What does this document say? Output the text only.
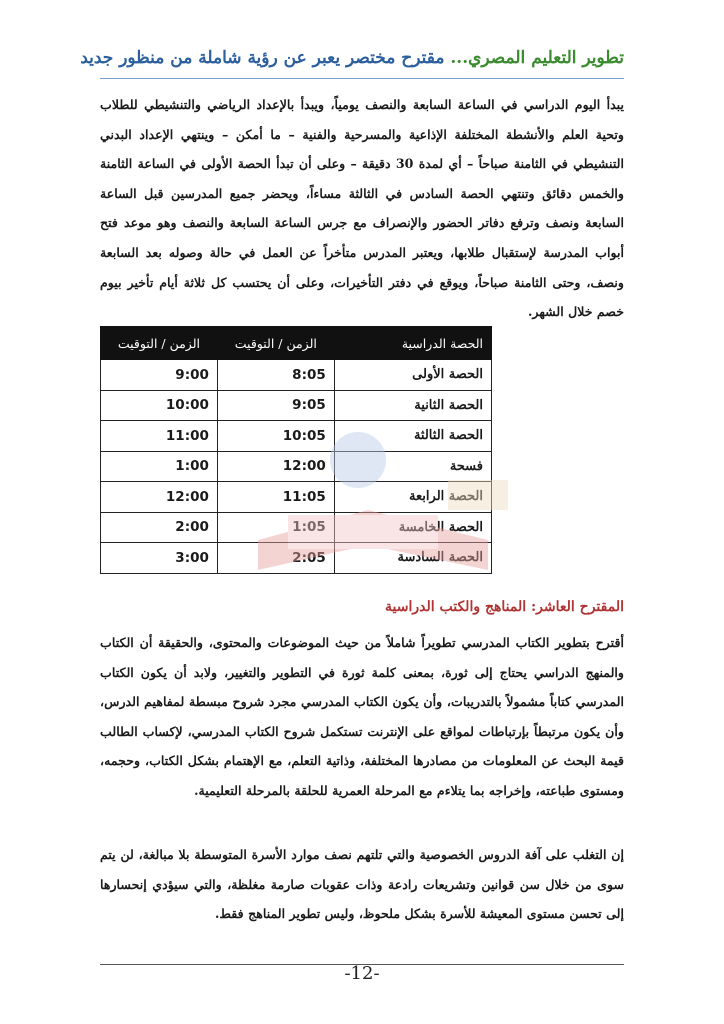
تطوير التعليم المصري... مقترح مختصر يعبر عن رؤية شاملة من منظور جديد

يبدأ اليوم الدراسي في الساعة السابعة والنصف يومياً، ويبدأ بالإعداد الرياضي والتنشيطي للطلاب وتحية العلم والأنشطة المختلفة الإذاعية والمسرحية والفنية – ما أمكن – وينتهي الإعداد البدني التنشيطي في الثامنة صباحاً – أي لمدة 30 دقيقة – وعلى أن تبدأ الحصة الأولى في الساعة الثامنة والخمس دقائق وتنتهي الحصة السادس في الثالثة مساءاً، ويحضر جميع المدرسين قبل الساعة السابعة ونصف وترفع دفاتر الحضور والإنصراف مع جرس الساعة السابعة والنصف وهو موعد فتح أبواب المدرسة لإستقبال طلابها، ويعتبر المدرس متأخراً عن العمل في حالة وصوله بعد السابعة ونصف، وحتى الثامنة صباحاً، ويوقع في دفتر التأخيرات، وعلى أن يحتسب كل ثلاثة أيام تأخير بيوم خصم خلال الشهر.

الحصة الدراسية	الزمن / التوقيت	الزمن / التوقيت
الحصة الأولى	8:05	9:00
الحصة الثانية	9:05	10:00
الحصة الثالثة	10:05	11:00
فسحة	12:00	1:00
الحصة الرابعة	11:05	12:00
الحصة الخامسة	1:05	2:00
الحصة السادسة	2:05	3:00
المقترح العاشر: المناهج والكتب الدراسية

أقترح بتطوير الكتاب المدرسي تطويراً شاملاً من حيث الموضوعات والمحتوى، والحقيقة أن الكتاب والمنهج الدراسي يحتاج إلى ثورة، بمعنى كلمة ثورة في التطوير والتغيير، ولابد أن يكون الكتاب المدرسي كتاباً مشمولاً بالتدريبات، وأن يكون الكتاب المدرسي مجرد شروح مبسطة لمفاهيم الدرس، وأن يكون مرتبطاً بإرتباطات لمواقع على الإنترنت تستكمل شروح الكتاب المدرسي، لإكساب الطالب قيمة البحث عن المعلومات من مصادرها المختلفة، وذاتية التعلم، مع الإهتمام بشكل الكتاب، وحجمه، ومستوى طباعته، وإخراجه بما يتلاءم مع المرحلة العمرية للحلقة بالمرحلة التعليمية.

إن التغلب على آفة الدروس الخصوصية والتي تلتهم نصف موارد الأسرة المتوسطة بلا مبالغة، لن يتم سوى من خلال سن قوانين وتشريعات رادعة وذات عقوبات صارمة مغلظة، والتي سيؤدي إنحسارها إلى تحسن مستوى المعيشة للأسرة بشكل ملحوظ، وليس تطوير المناهج فقط.

-12-
